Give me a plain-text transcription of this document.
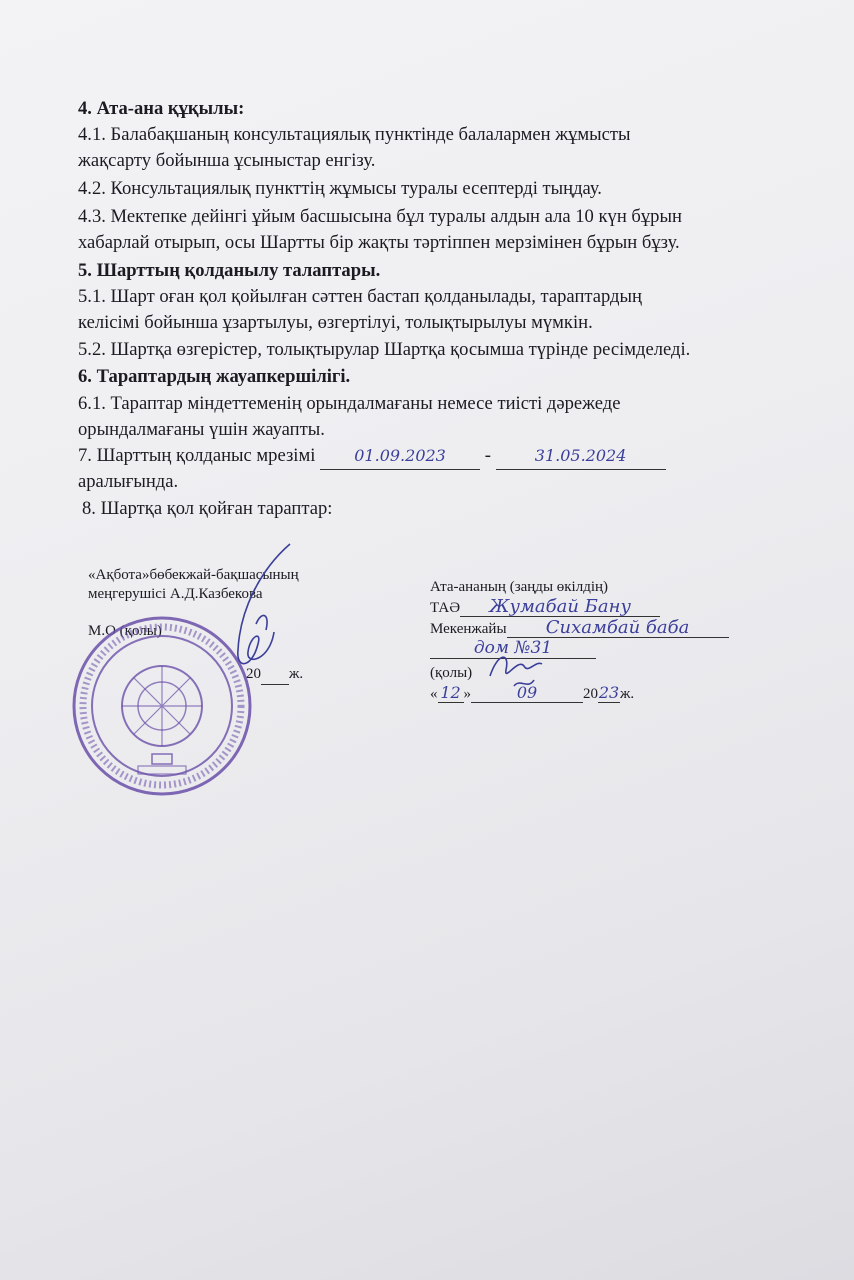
4. Ата-ана құқылы:
4.1. Балабақшаның консультациялық пунктінде балалармен жұмысты
жақсарту бойынша ұсыныстар енгізу.
4.2. Консультациялық пункттің жұмысы туралы есептерді тыңдау.
4.3. Мектепке дейінгі ұйым басшысына бұл туралы алдын ала 10 күн бұрын
хабарлай отырып, осы Шартты бір жақты тәртіппен мерзімінен бұрын бұзу.
5. Шарттың қолданылу талаптары.
5.1. Шарт оған қол қойылған сәттен бастап қолданылады, тараптардың
келісімі бойынша ұзартылуы, өзгертілуі, толықтырылуы мүмкін.
5.2. Шартқа өзгерістер, толықтырулар Шартқа қосымша түрінде ресімделеді.
6. Тараптардың жауапкершілігі.
6.1. Тараптар міндеттеменің орындалмағаны немесе тиісті дәрежеде
орындалмағаны үшін жауапты.
7. Шарттың қолданыс мрезімі 01.09.2023 -	31.05.2024
аралығында.
8. Шартқа қол қойған тараптар:
«Ақбота»бөбекжай-бақшасының
меңгерушісі А.Д.Казбекова
М.О (қолы)
20 ж.
Ата-ананың (заңды өкілдің)
ТАӘ Жумабай Бану
Мекенжайы Сихамбай баба
дом №31
(қолы)
« 12 »	09	2023ж.
